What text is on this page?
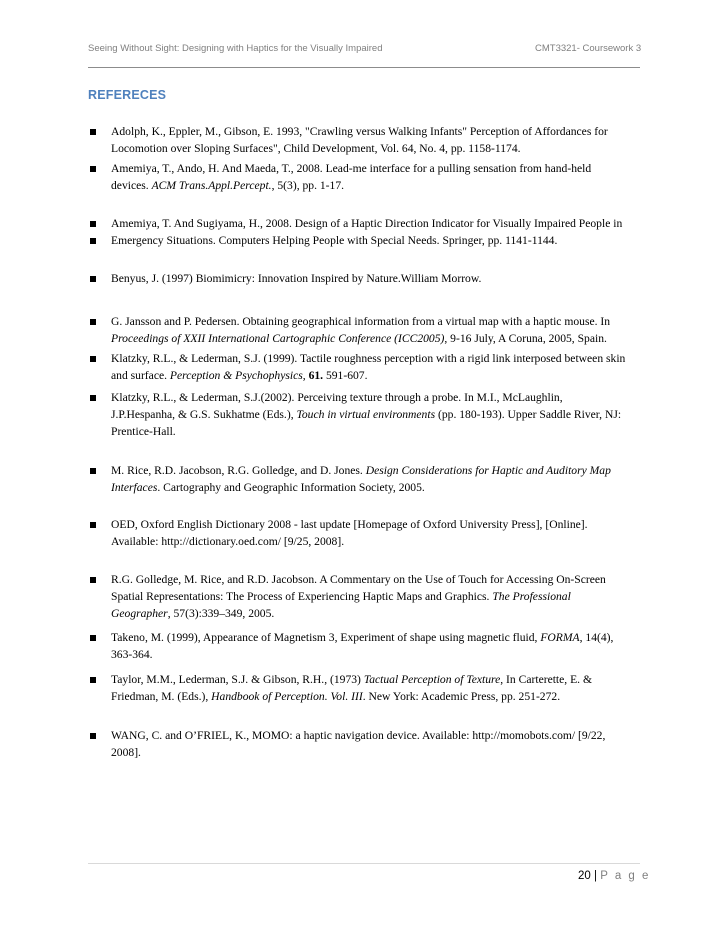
Seeing Without Sight: Designing with Haptics for the Visually Impaired	CMT3321- Coursework 3
REFERECES
Adolph, K., Eppler, M., Gibson, E. 1993, "Crawling versus Walking Infants" Perception of Affordances for
Locomotion over Sloping Surfaces", Child Development, Vol. 64, No. 4, pp. 1158-1174.
Amemiya, T., Ando, H. And Maeda, T., 2008. Lead-me interface for a pulling sensation from hand-held
devices. ACM Trans.Appl.Percept., 5(3), pp. 1-17.
Amemiya, T. And Sugiyama, H., 2008. Design of a Haptic Direction Indicator for Visually Impaired People in
Emergency Situations. Computers Helping People with Special Needs. Springer, pp. 1141-1144.
Benyus, J. (1997) Biomimicry: Innovation Inspired by Nature.William Morrow.
G. Jansson and P. Pedersen. Obtaining geographical information from a virtual map with a haptic mouse. In
Proceedings of XXII International Cartographic Conference (ICC2005), 9-16 July, A Coruna, 2005, Spain.
Klatzky, R.L., & Lederman, S.J. (1999). Tactile roughness perception with a rigid link interposed between skin
and surface. Perception & Psychophysics, 61. 591-607.
Klatzky, R.L., & Lederman, S.J.(2002). Perceiving texture through a probe. In M.I., McLaughlin,
J.P.Hespanha, & G.S. Sukhatme (Eds.), Touch in virtual environments (pp. 180-193). Upper Saddle River, NJ:
Prentice-Hall.
M. Rice, R.D. Jacobson, R.G. Golledge, and D. Jones. Design Considerations for Haptic and Auditory Map
Interfaces. Cartography and Geographic Information Society, 2005.
OED, Oxford English Dictionary 2008 - last update [Homepage of Oxford University Press], [Online].
Available: http://dictionary.oed.com/ [9/25, 2008].
R.G. Golledge, M. Rice, and R.D. Jacobson. A Commentary on the Use of Touch for Accessing On-Screen
Spatial Representations: The Process of Experiencing Haptic Maps and Graphics. The Professional
Geographer, 57(3):339–349, 2005.
Takeno, M. (1999), Appearance of Magnetism 3, Experiment of shape using magnetic fluid, FORMA, 14(4),
363-364.
Taylor, M.M., Lederman, S.J. & Gibson, R.H., (1973) Tactual Perception of Texture, In Carterette, E. &
Friedman, M. (Eds.), Handbook of Perception. Vol. III. New York: Academic Press, pp. 251-272.
WANG, C. and O’FRIEL, K., MOMO: a haptic navigation device. Available: http://momobots.com/ [9/22,
2008].
20 | P a g e
